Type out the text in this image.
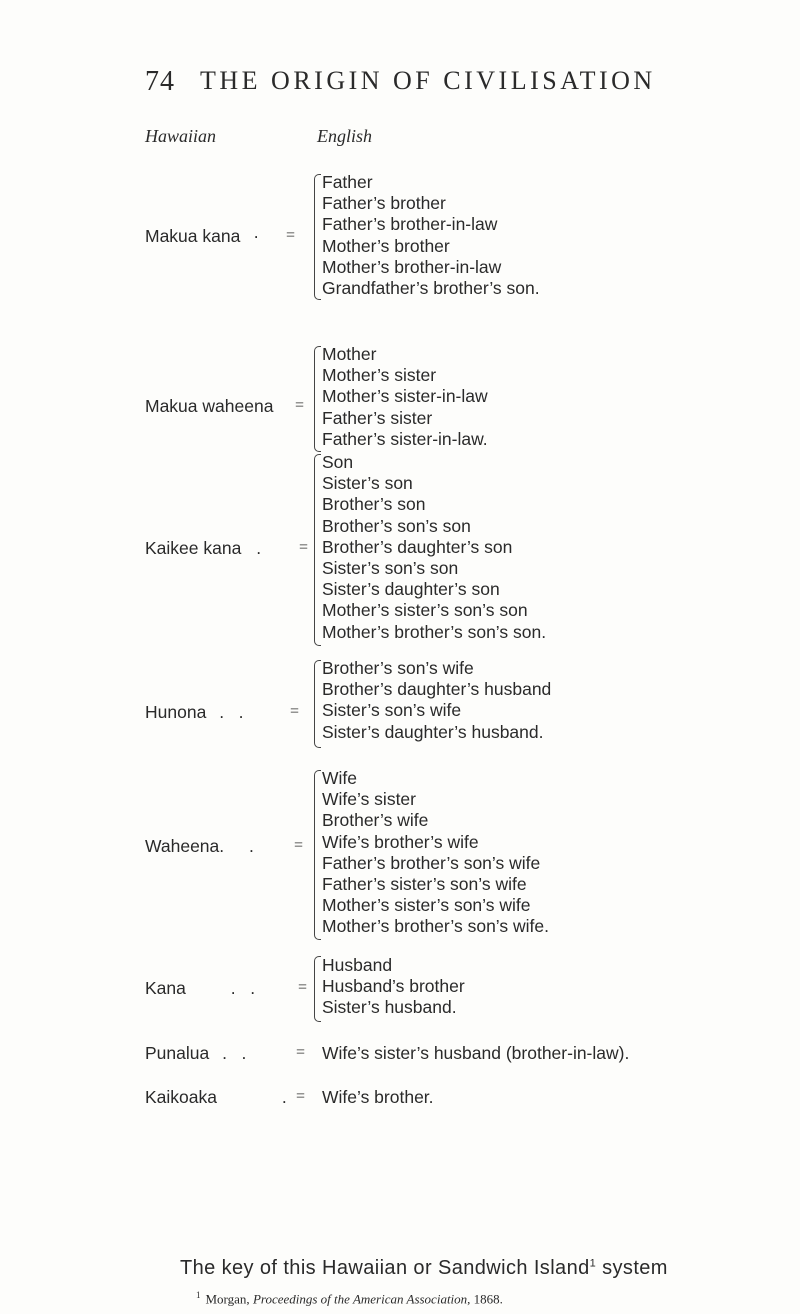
74 THE ORIGIN OF CIVILISATION
Hawaiian	English
Makua kana · =
Father
Father’s brother
Father’s brother-in-law
Mother’s brother
Mother’s brother-in-law
Grandfather’s brother’s son.
Makua waheena =
Mother
Mother’s sister
Mother’s sister-in-law
Father’s sister
Father’s sister-in-law.
Kaikee kana . =
Son
Sister’s son
Brother’s son
Brother’s son’s son
Brother’s daughter’s son
Sister’s son’s son
Sister’s daughter’s son
Mother’s sister’s son’s son
Mother’s brother’s son’s son.
Hunona .   .	=
Brother’s son’s wife
Brother’s daughter’s husband
Sister’s son’s wife
Sister’s daughter’s husband.
Waheena. .	=
Wife
Wife’s sister
Brother’s wife
Wife’s brother’s wife
Father’s brother’s son’s wife
Father’s sister’s son’s wife
Mother’s sister’s son’s wife
Mother’s brother’s son’s wife.
Kana	.   .	=
Husband
Husband’s brother
Sister’s husband.
Punalua .   .	= Wife’s sister’s husband (brother-in-law).
Kaikoaka	. = Wife’s brother.
The key of this Hawaiian or Sandwich Island$^1$ system
$^1$ Morgan, Proceedings of the American Association, 1868.
